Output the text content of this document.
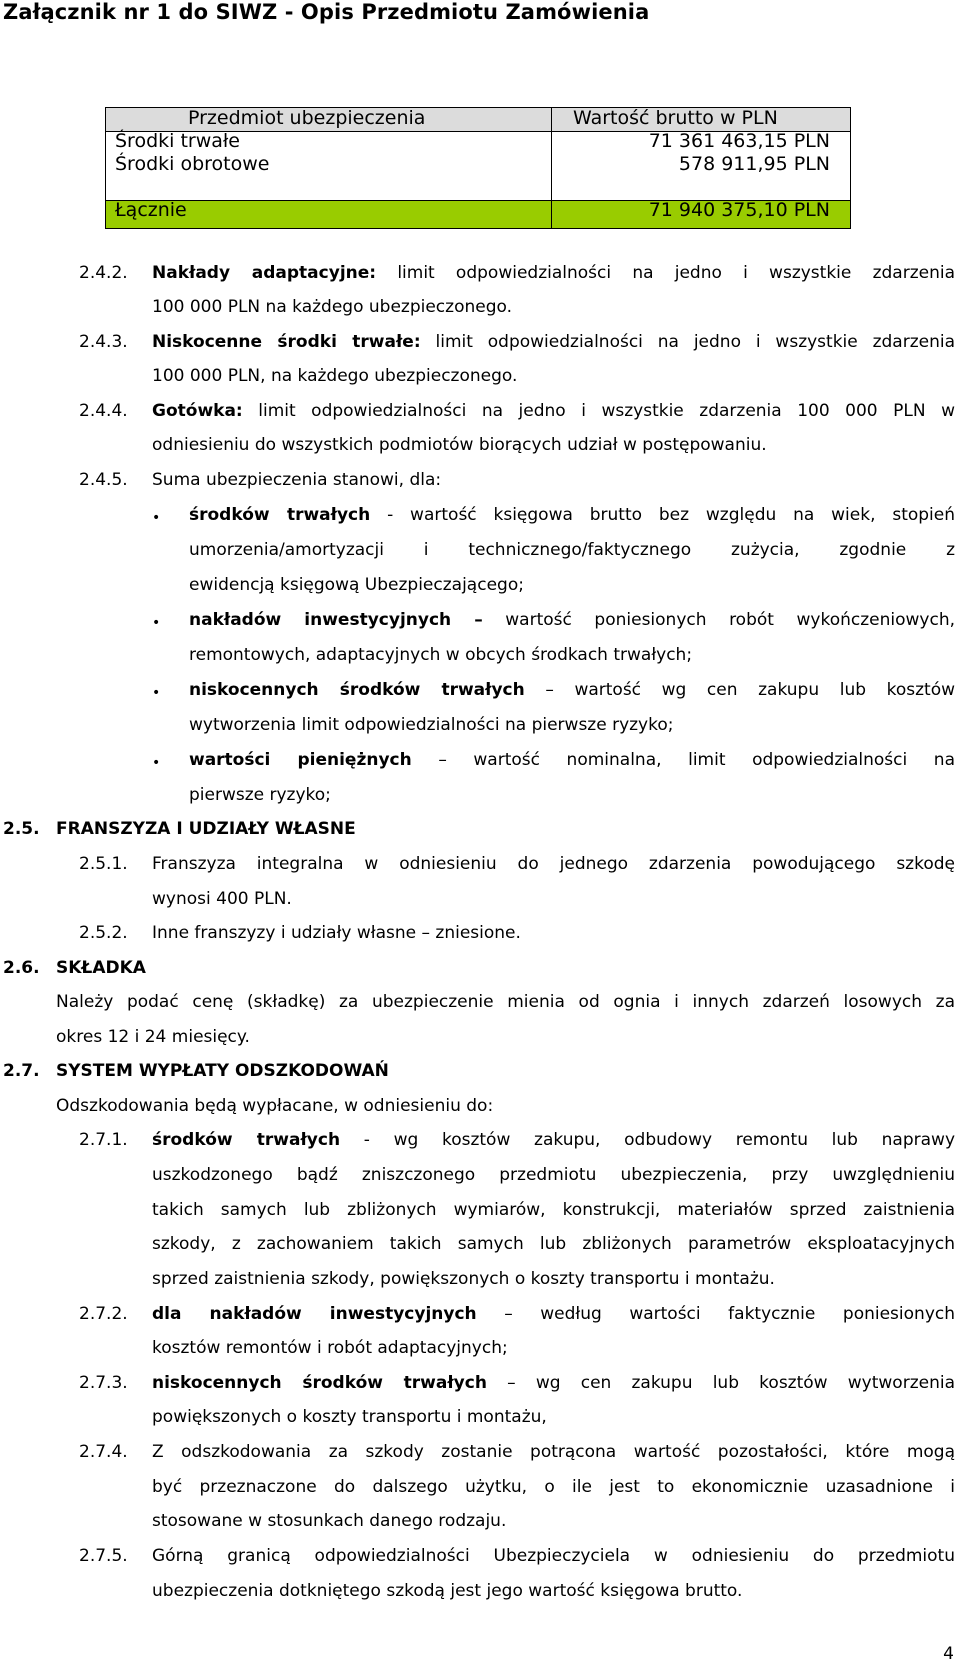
Załącznik nr 1 do SIWZ - Opis Przedmiotu Zamówienia
Przedmiot ubezpieczenia	Wartość brutto w PLN
Środki trwałe	71 361 463,15 PLN
Środki obrotowe	578 911,95 PLN
Łącznie	71 940 375,10 PLN
2.4.2. Nakłady adaptacyjne: limit odpowiedzialności na jedno i wszystkie zdarzenia
100 000 PLN na każdego ubezpieczonego.
2.4.3. Niskocenne środki trwałe: limit odpowiedzialności na jedno i wszystkie zdarzenia
100 000 PLN, na każdego ubezpieczonego.
2.4.4. Gotówka: limit odpowiedzialności na jedno i wszystkie zdarzenia 100 000 PLN w
odniesieniu do wszystkich podmiotów biorących udział w postępowaniu.
2.4.5. Suma ubezpieczenia stanowi, dla:
• środków trwałych - wartość księgowa brutto bez względu na wiek, stopień
umorzenia/amortyzacji i technicznego/faktycznego zużycia, zgodnie z
ewidencją księgową Ubezpieczającego;
• nakładów inwestycyjnych – wartość poniesionych robót wykończeniowych,
remontowych, adaptacyjnych w obcych środkach trwałych;
• niskocennych środków trwałych – wartość wg cen zakupu lub kosztów
wytworzenia limit odpowiedzialności na pierwsze ryzyko;
• wartości pieniężnych – wartość nominalna, limit odpowiedzialności na
pierwsze ryzyko;
2.5. FRANSZYZA I UDZIAŁY WŁASNE
2.5.1. Franszyza integralna w odniesieniu do jednego zdarzenia powodującego szkodę
wynosi 400 PLN.
2.5.2. Inne franszyzy i udziały własne – zniesione.
2.6. SKŁADKA
Należy podać cenę (składkę) za ubezpieczenie mienia od ognia i innych zdarzeń losowych za
okres 12 i 24 miesięcy.
2.7. SYSTEM WYPŁATY ODSZKODOWAŃ
Odszkodowania będą wypłacane, w odniesieniu do:
2.7.1. środków trwałych - wg kosztów zakupu, odbudowy remontu lub naprawy
uszkodzonego bądź zniszczonego przedmiotu ubezpieczenia, przy uwzględnieniu
takich samych lub zbliżonych wymiarów, konstrukcji, materiałów sprzed zaistnienia
szkody, z zachowaniem takich samych lub zbliżonych parametrów eksploatacyjnych
sprzed zaistnienia szkody, powiększonych o koszty transportu i montażu.
2.7.2. dla nakładów inwestycyjnych – według wartości faktycznie poniesionych
kosztów remontów i robót adaptacyjnych;
2.7.3. niskocennych środków trwałych – wg cen zakupu lub kosztów wytworzenia
powiększonych o koszty transportu i montażu,
2.7.4. Z odszkodowania za szkody zostanie potrącona wartość pozostałości, które mogą
być przeznaczone do dalszego użytku, o ile jest to ekonomicznie uzasadnione i
stosowane w stosunkach danego rodzaju.
2.7.5. Górną granicą odpowiedzialności Ubezpieczyciela w odniesieniu do przedmiotu
ubezpieczenia dotkniętego szkodą jest jego wartość księgowa brutto.
4
